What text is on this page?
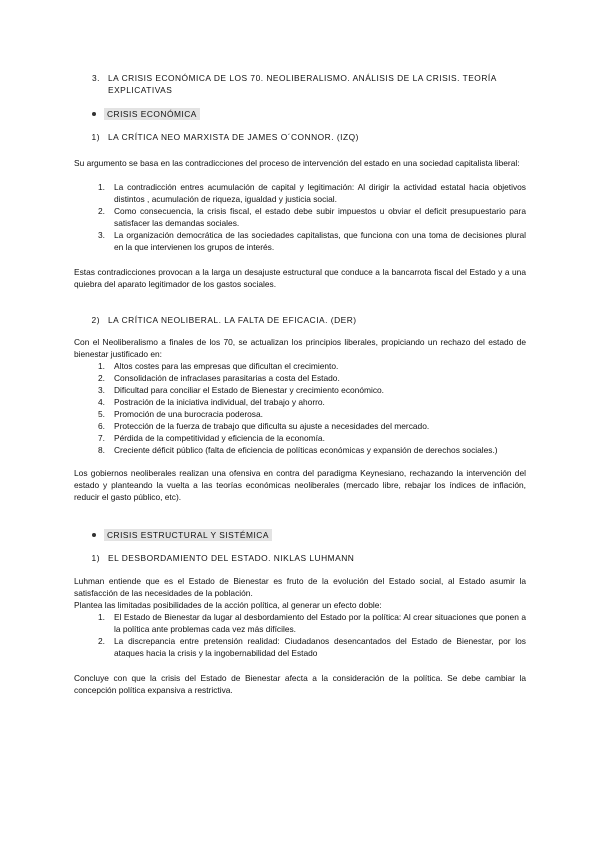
3. LA CRISIS ECONÓMICA DE LOS 70. NEOLIBERALISMO. ANÁLISIS DE LA CRISIS. TEORÍA EXPLICATIVAS
CRISIS ECONÓMICA
1) LA CRÍTICA NEO MARXISTA DE JAMES O´CONNOR. (IZQ)
Su argumento se basa en las contradicciones del proceso de intervención del estado en una sociedad capitalista liberal:
1.	La contradicción entres acumulación de capital y legitimación: Al dirigir la actividad estatal hacia objetivos distintos , acumulación de riqueza, igualdad y justicia social.
2.	Como consecuencia, la crisis fiscal, el estado debe subir impuestos u obviar el deficit presupuestario para satisfacer las demandas sociales.
3.	La organización democrática de las sociedades capitalistas, que funciona con una toma de decisiones plural en la que intervienen los grupos de interés.
Estas contradicciones provocan a la larga un desajuste estructural que conduce a la bancarrota fiscal del Estado y a una quiebra del aparato legitimador de los gastos sociales.
2) LA CRÍTICA NEOLIBERAL. LA FALTA DE EFICACIA. (DER)
Con el Neoliberalismo a finales de los 70, se actualizan los principios liberales, propiciando un rechazo del estado de bienestar justificado en:
1.	Altos costes para las empresas que dificultan el crecimiento.
2.	Consolidación de infraclases parasitarias a costa del Estado.
3.	Dificultad para conciliar el Estado de Bienestar y crecimiento económico.
4.	Postración de la iniciativa individual, del trabajo y ahorro.
5.	Promoción de una burocracia poderosa.
6.	Protección de la fuerza de trabajo que dificulta su ajuste a necesidades del mercado.
7.	Pérdida de la competitividad y eficiencia de la economía.
8.	Creciente déficit público (falta de eficiencia de políticas económicas y expansión de derechos sociales.)
Los gobiernos neoliberales realizan una ofensiva en contra del paradigma Keynesiano, rechazando la intervención del estado y planteando la vuelta a las teorías económicas neoliberales (mercado libre, rebajar los índices de inflación, reducir el gasto público, etc).
CRISIS ESTRUCTURAL Y SISTÉMICA
1) EL DESBORDAMIENTO DEL ESTADO. NIKLAS LUHMANN
Luhman entiende que es el Estado de Bienestar es fruto de la evolución del Estado social, al Estado asumir la satisfacción de las necesidades de la población.
Plantea las limitadas posibilidades de la acción política, al generar un efecto doble:
1.	El Estado de Bienestar da lugar al desbordamiento del Estado por la política: Al crear situaciones que ponen a la política ante problemas cada vez más difíciles.
2.	La discrepancia entre pretensión realidad: Ciudadanos desencantados del Estado de Bienestar, por los ataques hacia la crisis y la ingobernabilidad del Estado
Concluye con que la crisis del Estado de Bienestar afecta a la consideración de la política. Se debe cambiar la concepción política expansiva a restrictiva.
